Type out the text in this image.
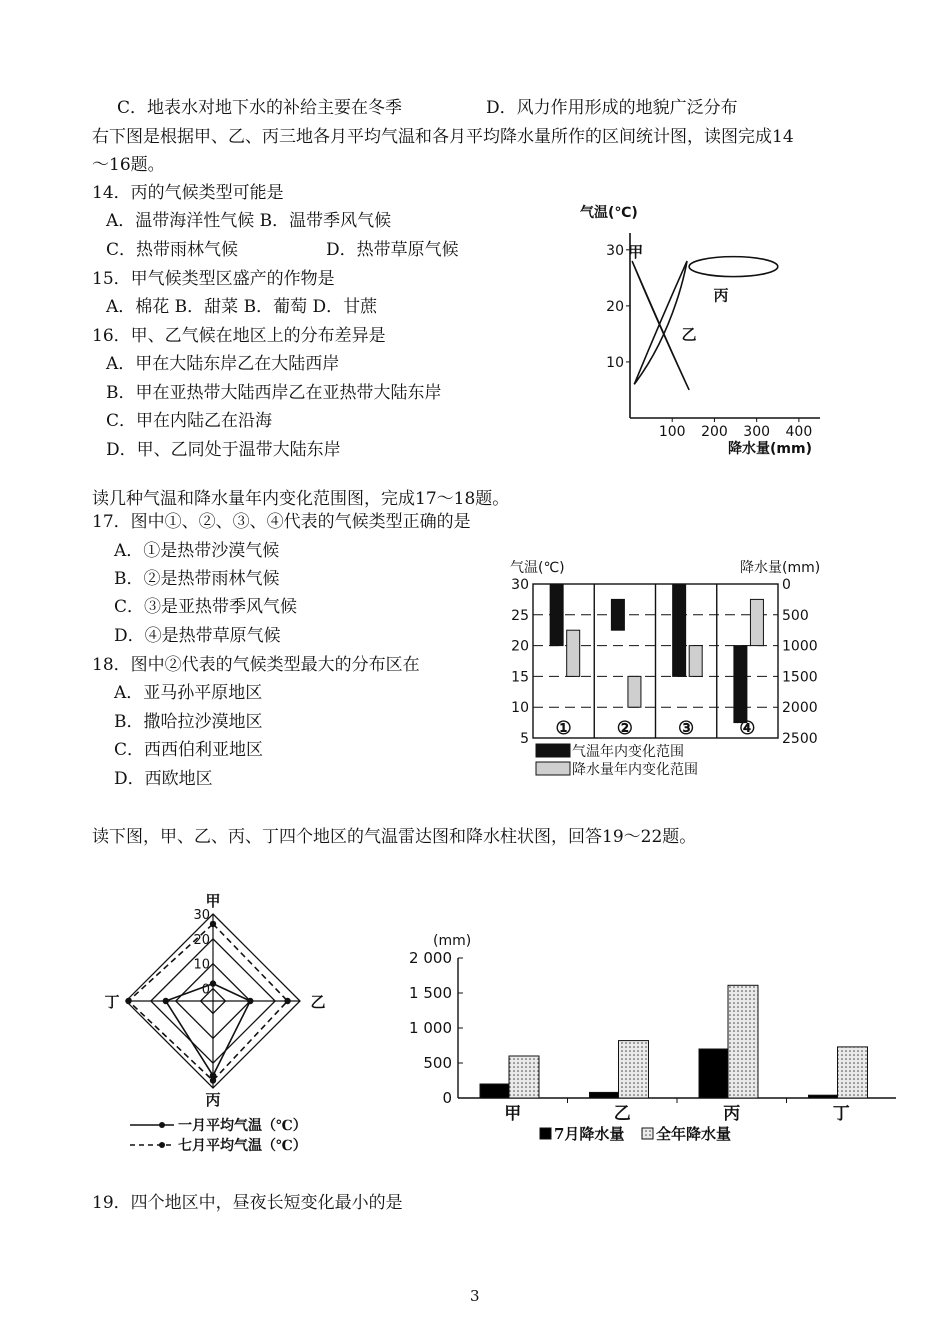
C．地表水对地下水的补给主要在冬季	D．风力作用形成的地貌广泛分布
右下图是根据甲、乙、丙三地各月平均气温和各月平均降水量所作的区间统计图，读图完成14
～16题。
14．丙的气候类型可能是
A．温带海洋性气候 B．温带季风气候
C．热带雨林气候	D．热带草原气候
15．甲气候类型区盛产的作物是
A．棉花 B．甜菜 B．葡萄 D．甘蔗
16．甲、乙气候在地区上的分布差异是
A．甲在大陆东岸乙在大陆西岸
B．甲在亚热带大陆西岸乙在亚热带大陆东岸
C．甲在内陆乙在沿海
D．甲、乙同处于温带大陆东岸
读几种气温和降水量年内变化范围图，完成17～18题。
17．图中①、②、③、④代表的气候类型正确的是
A．①是热带沙漠气候
B．②是热带雨林气候
C．③是亚热带季风气候
D．④是热带草原气候
18．图中②代表的气候类型最大的分布区在
A．亚马孙平原地区
B．撒哈拉沙漠地区
C．西西伯利亚地区
D．西欧地区
读下图，甲、乙、丙、丁四个地区的气温雷达图和降水柱状图，回答19～22题。
19．四个地区中，昼夜长短变化最小的是
3
10
20
30
100 200 300 400
甲
乙
丙
气温(℃)
降水量(mm)
30
25
20
15
10
5
0
500
1000
1500
2000
2500
①	②	③	④
气温年内变化范围
降水量年内变化范围
气温(℃)	降水量(mm)
30
20
10
0
甲
乙
丙
丁
一月平均气温（℃）
七月平均气温（℃）
2 000
1 500
1 000
500
0
甲	乙	丙	丁
7月降水量 全年降水量
(mm)
